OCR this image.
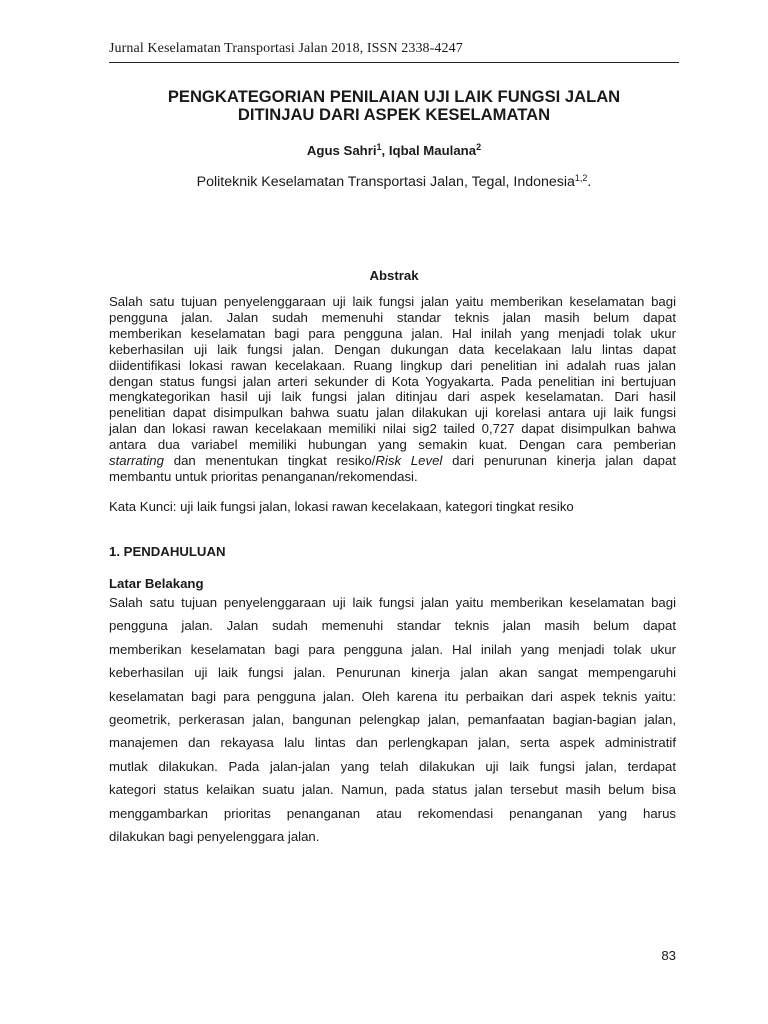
Jurnal Keselamatan Transportasi Jalan 2018, ISSN 2338-4247
PENGKATEGORIAN PENILAIAN UJI LAIK FUNGSI JALAN
DITINJAU DARI ASPEK KESELAMATAN
Agus Sahri$^1$, Iqbal Maulana$^2$
Politeknik Keselamatan Transportasi Jalan, Tegal, Indonesia$^{1,2}$.
Abstrak
Salah satu tujuan penyelenggaraan uji laik fungsi jalan yaitu memberikan keselamatan bagi
pengguna jalan. Jalan sudah memenuhi standar teknis jalan masih belum dapat
memberikan keselamatan bagi para pengguna jalan. Hal inilah yang menjadi tolak ukur
keberhasilan uji laik fungsi jalan. Dengan dukungan data kecelakaan lalu lintas dapat
diidentifikasi lokasi rawan kecelakaan. Ruang lingkup dari penelitian ini adalah ruas jalan
dengan status fungsi jalan arteri sekunder di Kota Yogyakarta. Pada penelitian ini bertujuan
mengkategorikan hasil uji laik fungsi jalan ditinjau dari aspek keselamatan. Dari hasil
penelitian dapat disimpulkan bahwa suatu jalan dilakukan uji korelasi antara uji laik fungsi
jalan dan lokasi rawan kecelakaan memiliki nilai sig2 tailed 0,727 dapat disimpulkan bahwa
antara dua variabel memiliki hubungan yang semakin kuat. Dengan cara pemberian
starrating dan menentukan tingkat resiko/Risk Level dari penurunan kinerja jalan dapat
membantu untuk prioritas penanganan/rekomendasi.
Kata Kunci: uji laik fungsi jalan, lokasi rawan kecelakaan, kategori tingkat resiko
1. PENDAHULUAN
Latar Belakang
Salah satu tujuan penyelenggaraan uji laik fungsi jalan yaitu memberikan keselamatan bagi
pengguna jalan. Jalan sudah memenuhi standar teknis jalan masih belum dapat
memberikan keselamatan bagi para pengguna jalan. Hal inilah yang menjadi tolak ukur
keberhasilan uji laik fungsi jalan. Penurunan kinerja jalan akan sangat mempengaruhi
keselamatan bagi para pengguna jalan. Oleh karena itu perbaikan dari aspek teknis yaitu:
geometrik, perkerasan jalan, bangunan pelengkap jalan, pemanfaatan bagian-bagian jalan,
manajemen dan rekayasa lalu lintas dan perlengkapan jalan, serta aspek administratif
mutlak dilakukan. Pada jalan-jalan yang telah dilakukan uji laik fungsi jalan, terdapat
kategori status kelaikan suatu jalan. Namun, pada status jalan tersebut masih belum bisa
menggambarkan prioritas penanganan atau rekomendasi penanganan yang harus
dilakukan bagi penyelenggara jalan.
83
